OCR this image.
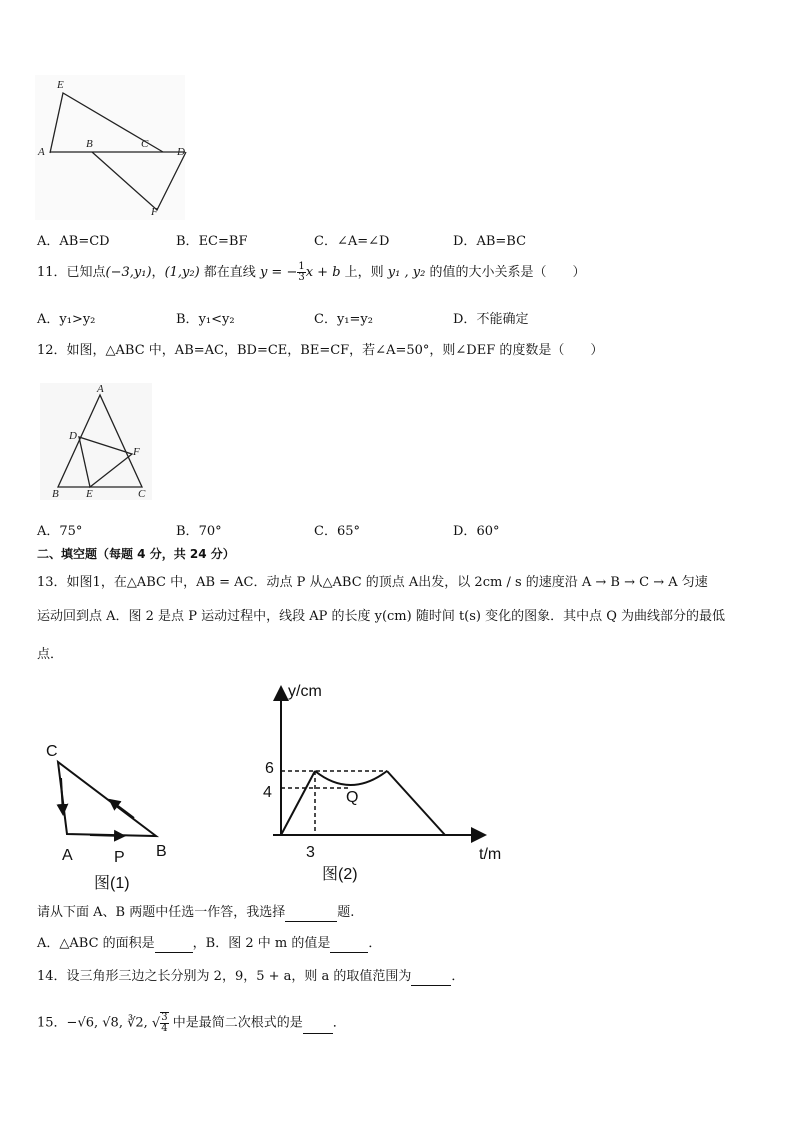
E
A
B	C
D
F
A．AB=CD	B．EC=BF	C．∠A=∠D	D．AB=BC
11．已知点(−3,y₁)，(1,y₂) 都在直线 y = − $\frac{1}{3}$ x + b 上，则 y₁ , y₂ 的值的大小关系是（　　）
A．y₁>y₂	B．y₁<y₂	C．y₁=y₂	D．不能确定
12．如图，△ABC 中，AB=AC，BD=CE，BE=CF，若∠A=50°，则∠DEF 的度数是（　　）
A
D
F
B E	C
A．75°	B．70°	C．65°	D．60°
二、填空题（每题 4 分，共 24 分）
13．如图1，在△ABC 中，AB = AC．动点 P 从△ABC 的顶点 A出发，以 2cm / s 的速度沿 A → B → C → A 匀速
运动回到点 A．图 2 是点 P 运动过程中，线段 AP 的长度 y(cm) 随时间 t(s) 变化的图象．其中点 Q 为曲线部分的最低
点．
C
A	P B
图(1)
y/cm
t/m
6
4
3
Q
图(2)
请从下面 A、B 两题中任选一作答，我选择	题.
A．△ABC 的面积是	，B．图 2 中 m 的值是	．
14．设三角形三边之长分别为 2，9，5 + a，则 a 的取值范围为	．
15．−√6, √8, ∛2, √ $\frac{3}{4}$ 中是最简二次根式的是 ．
